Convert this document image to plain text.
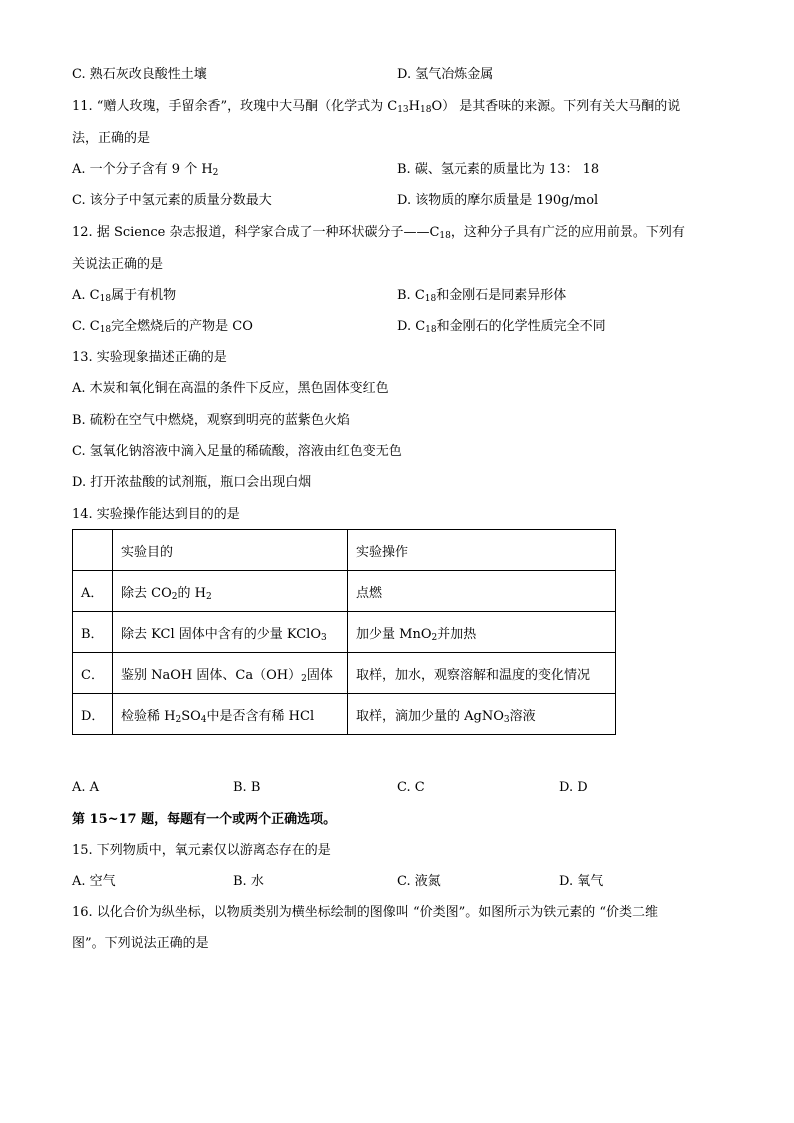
C. 熟石灰改良酸性土壤	D. 氢气冶炼金属
11. “赠人玫瑰，手留余香”，玫瑰中大马酮（化学式为 $C_{13}H_{18}O$） 是其香味的来源。下列有关大马酮的说
法，正确的是
A. 一个分子含有 9 个 $H_2$	B. 碳、氢元素的质量比为 13： 18
C. 该分子中氢元素的质量分数最大	D. 该物质的摩尔质量是 190g/mol
12. 据 Science 杂志报道，科学家合成了一种环状碳分子$——C_{18}$，这种分子具有广泛的应用前景。下列有
关说法正确的是
A. $C_{18}$属于有机物	B. $C_{18}$和金刚石是同素异形体
C. $C_{18}$完全燃烧后的产物是 CO	D. $C_{18}$和金刚石的化学性质完全不同
13. 实验现象描述正确的是
A. 木炭和氧化铜在高温的条件下反应，黑色固体变红色
B. 硫粉在空气中燃烧，观察到明亮的蓝紫色火焰
C. 氢氧化钠溶液中滴入足量的稀硫酸，溶液由红色变无色
D. 打开浓盐酸的试剂瓶，瓶口会出现白烟
14. 实验操作能达到目的的是
	实验目的	实验操作
A．	除去 $CO_2$的 $H_2$	点燃
B．	除去 KCl 固体中含有的少量 KClO$_3$	加少量 MnO$_2$并加热
C．	鉴别 NaOH 固体、$Ca(OH)_2$固体	取样，加水，观察溶解和温度的变化情况
D．	检验稀 $H_2SO_4$中是否含有稀 HCl	取样，滴加少量的 AgNO$_3$溶液
A. A	B. B	C. C	D. D
第 15~17 题，每题有一个或两个正确选项。
15. 下列物质中，氧元素仅以游离态存在的是
A. 空气	B. 水	C. 液氮	D. 氧气
16. 以化合价为纵坐标，以物质类别为横坐标绘制的图像叫 “价类图”。如图所示为铁元素的 “价类二维
图”。下列说法正确的是
